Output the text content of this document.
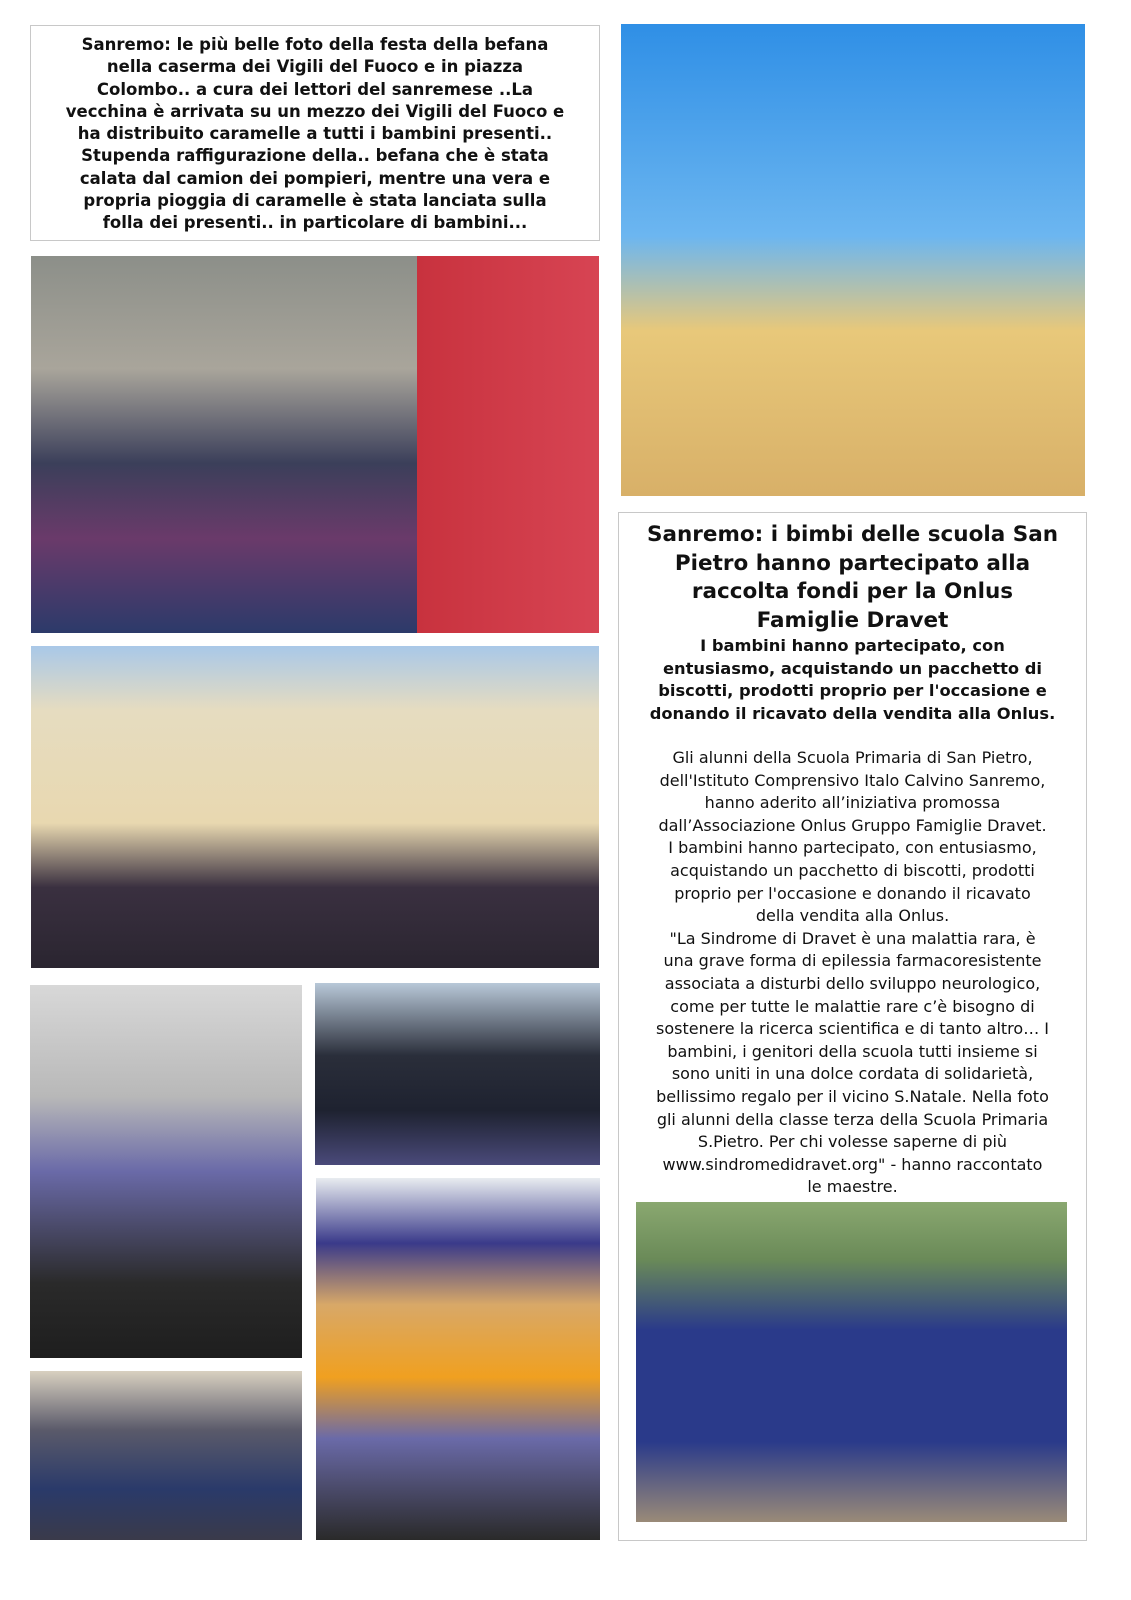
Sanremo: le più belle foto della festa della befana
nella caserma dei Vigili del Fuoco e in piazza
Colombo.. a cura dei lettori del sanremese ..La
vecchina è arrivata su un mezzo dei Vigili del Fuoco e
ha distribuito caramelle a tutti i bambini presenti..
Stupenda raffigurazione della.. befana che è stata
calata dal camion dei pompieri, mentre una vera e
propria pioggia di caramelle è stata lanciata sulla
folla dei presenti.. in particolare di bambini...
Sanremo: i bimbi delle scuola San
Pietro hanno partecipato alla
raccolta fondi per la Onlus
Famiglie Dravet
I bambini hanno partecipato, con
entusiasmo, acquistando un pacchetto di
biscotti, prodotti proprio per l'occasione e
donando il ricavato della vendita alla Onlus.
Gli alunni della Scuola Primaria di San Pietro,
dell'Istituto Comprensivo Italo Calvino Sanremo,
hanno aderito all’iniziativa promossa
dall’Associazione Onlus Gruppo Famiglie Dravet.
I bambini hanno partecipato, con entusiasmo,
acquistando un pacchetto di biscotti, prodotti
proprio per l'occasione e donando il ricavato
della vendita alla Onlus.
"La Sindrome di Dravet è una malattia rara, è
una grave forma di epilessia farmacoresistente
associata a disturbi dello sviluppo neurologico,
come per tutte le malattie rare c’è bisogno di
sostenere la ricerca scientifica e di tanto altro… I
bambini, i genitori della scuola tutti insieme si
sono uniti in una dolce cordata di solidarietà,
bellissimo regalo per il vicino S.Natale. Nella foto
gli alunni della classe terza della Scuola Primaria
S.Pietro. Per chi volesse saperne di più
www.sindromedidravet.org" - hanno raccontato
le maestre.
